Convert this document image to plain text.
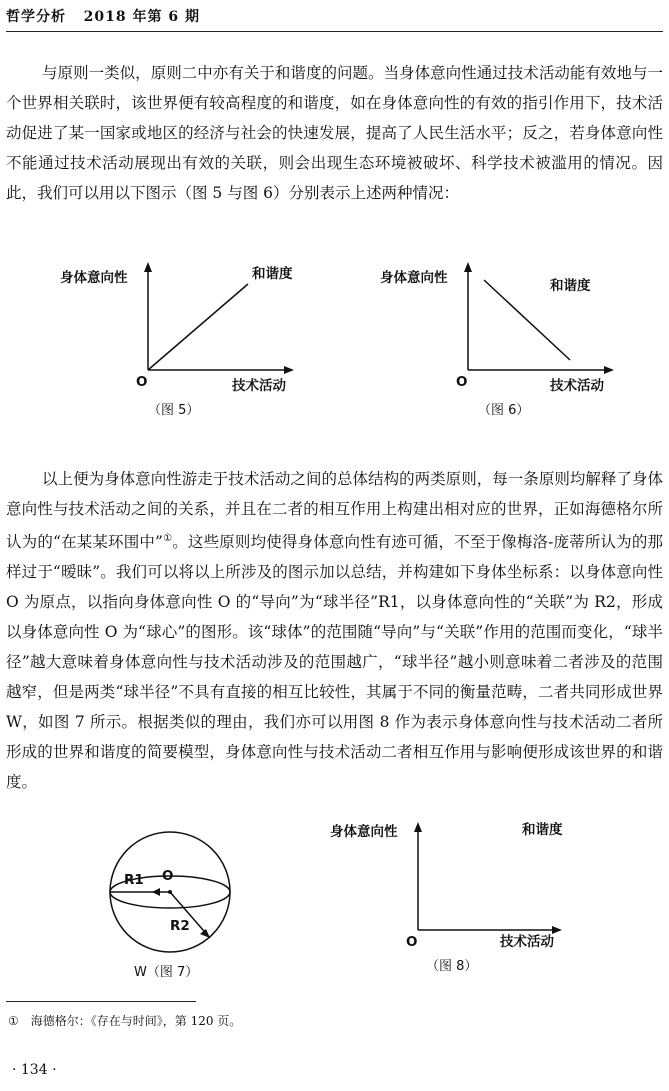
哲学分析 2018 年第 6 期

与原则一类似，原则二中亦有关于和谐度的问题。当身体意向性通过技术活动能有效地与一个世界相关联时，该世界便有较高程度的和谐度，如在身体意向性的有效的指引作用下，技术活动促进了某一国家或地区的经济与社会的快速发展，提高了人民生活水平；反之，若身体意向性不能通过技术活动展现出有效的关联，则会出现生态环境被破坏、科学技术被滥用的情况。因此，我们可以用以下图示（图 5 与图 6）分别表示上述两种情况：

身体意向性	和谐度
O	技术活动
（图 5）
身体意向性	和谐度
O	技术活动
（图 6）

以上便为身体意向性游走于技术活动之间的总体结构的两类原则，每一条原则均解释了身体意向性与技术活动之间的关系，并且在二者的相互作用上构建出相对应的世界，正如海德格尔所认为的“在某某环围中”①。这些原则均使得身体意向性有迹可循，不至于像梅洛-庞蒂所认为的那样过于“暧昧”。我们可以将以上所涉及的图示加以总结，并构建如下身体坐标系：以身体意向性 O 为原点，以指向身体意向性 O 的“导向”为“球半径”R1，以身体意向性的“关联”为 R2，形成以身体意向性 O 为“球心”的图形。该“球体”的范围随“导向”与“关联”作用的范围而变化，“球半径”越大意味着身体意向性与技术活动涉及的范围越广，“球半径”越小则意味着二者涉及的范围越窄，但是两类“球半径”不具有直接的相互比较性，其属于不同的衡量范畴，二者共同形成世界 W，如图 7 所示。根据类似的理由，我们亦可以用图 8 作为表示身体意向性与技术活动二者所形成的世界和谐度的简要模型，身体意向性与技术活动二者相互作用与影响便形成该世界的和谐度。

R1 O
R2
W（图 7）
身体意向性	和谐度
O	技术活动
（图 8）
① 海德格尔：《存在与时间》，第 120 页。
· 134 ·
